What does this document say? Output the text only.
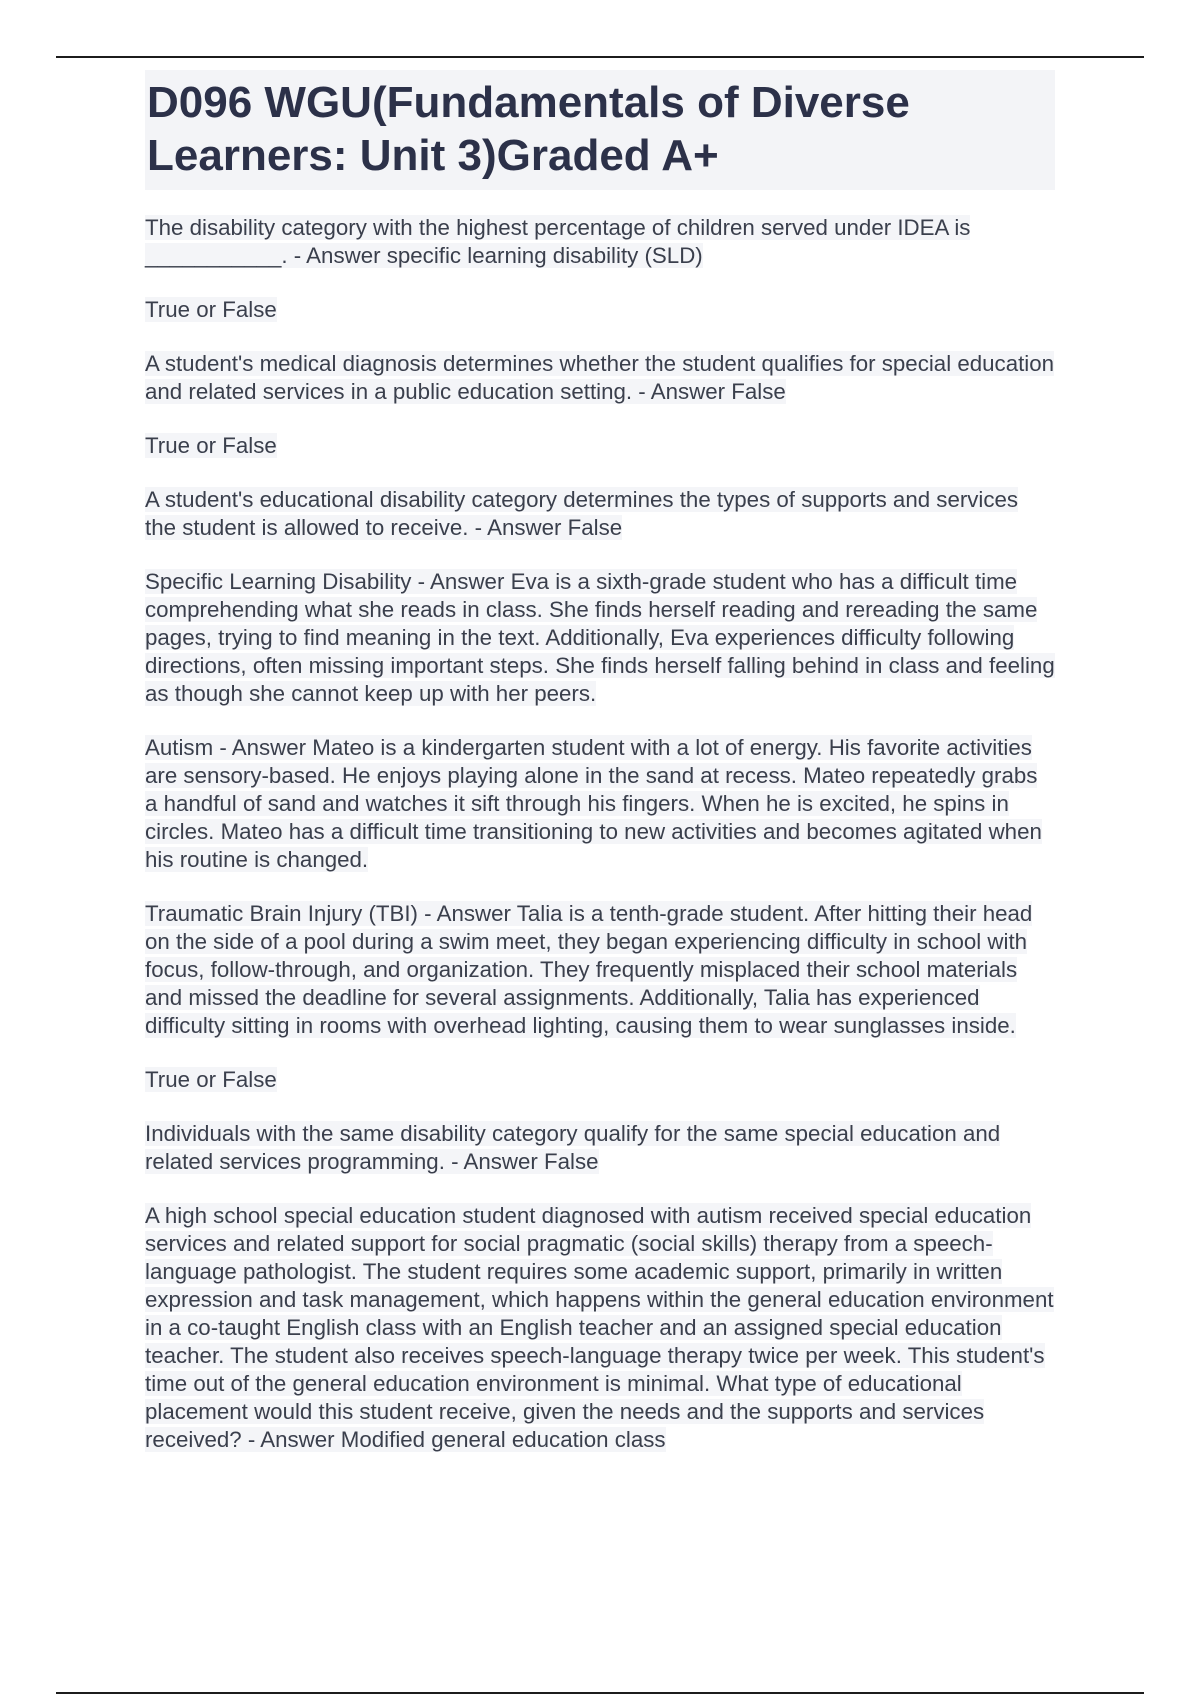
D096 WGU(Fundamentals of Diverse Learners: Unit 3)Graded A+

The disability category with the highest percentage of children served under IDEA is ___________. - Answer specific learning disability (SLD)

True or False

A student's medical diagnosis determines whether the student qualifies for special education and related services in a public education setting. - Answer False

True or False

A student's educational disability category determines the types of supports and services the student is allowed to receive. - Answer False

Specific Learning Disability - Answer Eva is a sixth-grade student who has a difficult time comprehending what she reads in class. She finds herself reading and rereading the same pages, trying to find meaning in the text. Additionally, Eva experiences difficulty following directions, often missing important steps. She finds herself falling behind in class and feeling as though she cannot keep up with her peers.

Autism - Answer Mateo is a kindergarten student with a lot of energy. His favorite activities are sensory-based. He enjoys playing alone in the sand at recess. Mateo repeatedly grabs a handful of sand and watches it sift through his fingers. When he is excited, he spins in circles. Mateo has a difficult time transitioning to new activities and becomes agitated when his routine is changed.

Traumatic Brain Injury (TBI) - Answer Talia is a tenth-grade student. After hitting their head on the side of a pool during a swim meet, they began experiencing difficulty in school with focus, follow-through, and organization. They frequently misplaced their school materials and missed the deadline for several assignments. Additionally, Talia has experienced difficulty sitting in rooms with overhead lighting, causing them to wear sunglasses inside.

True or False

Individuals with the same disability category qualify for the same special education and related services programming. - Answer False

A high school special education student diagnosed with autism received special education services and related support for social pragmatic (social skills) therapy from a speech-language pathologist. The student requires some academic support, primarily in written expression and task management, which happens within the general education environment in a co-taught English class with an English teacher and an assigned special education teacher. The student also receives speech-language therapy twice per week. This student's time out of the general education environment is minimal. What type of educational placement would this student receive, given the needs and the supports and services received? - Answer Modified general education class
